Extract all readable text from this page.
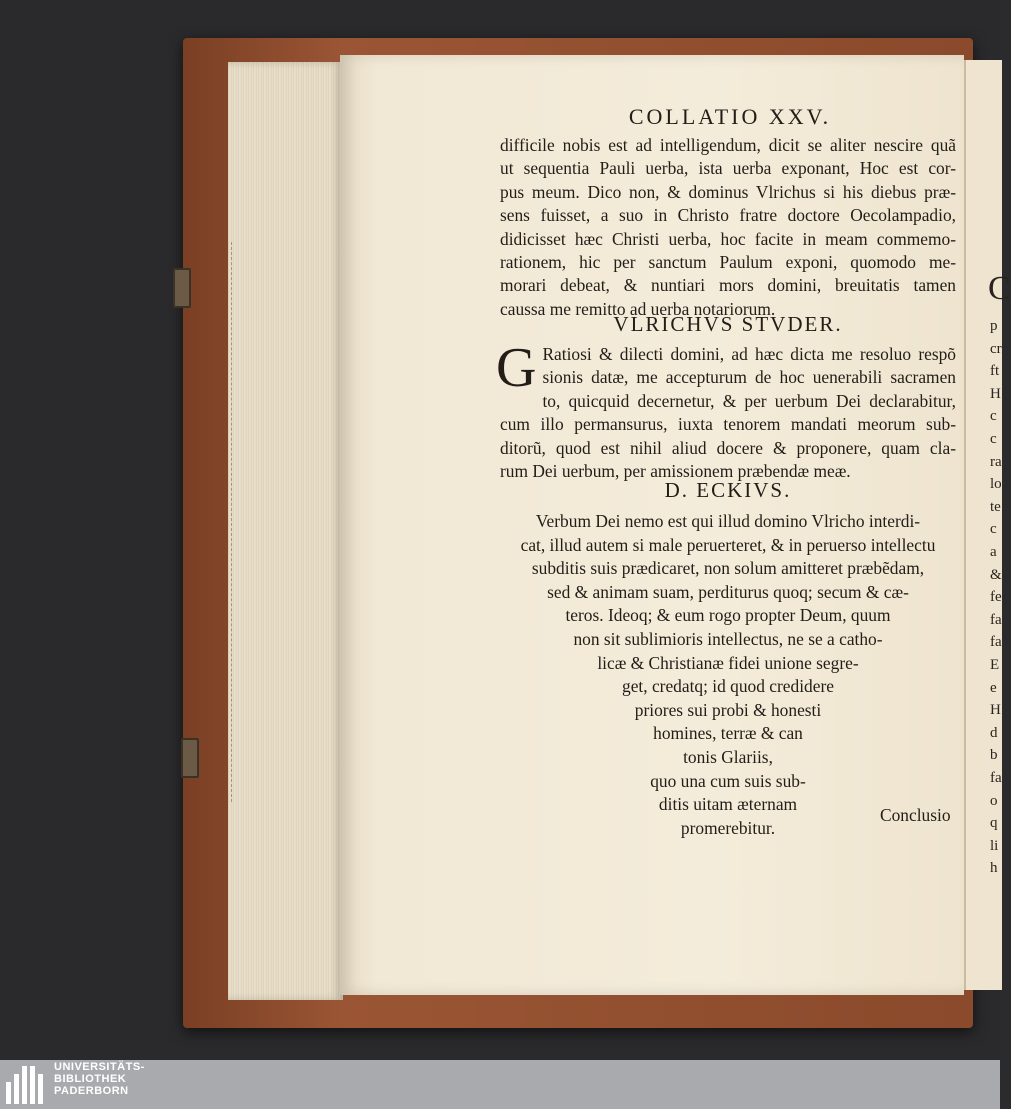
C
p
cr
ft
H
c
c
ra
lo
te
c
a
&
fe
fa
fa
E
e
H
d
b
fa
o
q
li
h
COLLATIO XXV.
difficile nobis est ad intelligendum, dicit se aliter nescire quã
ut sequentia Pauli uerba, ista uerba exponant, Hoc est cor-
pus meum. Dico non, & dominus Vlrichus si his diebus præ-
sens fuisset, a suo in Christo fratre doctore Oecolampadio,
didicisset hæc Christi uerba, hoc facite in meam commemo-
rationem, hic per sanctum Paulum exponi, quomodo me-
morari debeat, & nuntiari mors domini, breuitatis tamen
caussa me remitto ad uerba notariorum.
VLRICHVS STVDER.
G Ratiosi & dilecti domini, ad hæc dicta me resoluo respõ
sionis datæ, me accepturum de hoc uenerabili sacramen
to, quicquid decernetur, & per uerbum Dei declarabitur,
cum illo permansurus, iuxta tenorem mandati meorum sub-
ditorũ, quod est nihil aliud docere & proponere, quam cla-
rum Dei uerbum, per amissionem præbendæ meæ.
D. ECKIVS.
Verbum Dei nemo est qui illud domino Vlricho interdi-
cat, illud autem si male peruerteret, & in peruerso intellectu
subditis suis prædicaret, non solum amitteret præbẽdam,
sed & animam suam, perditurus quoq; secum & cæ-
teros. Ideoq; & eum rogo propter Deum, quum
non sit sublimioris intellectus, ne se a catho-
licæ & Christianæ fidei unione segre-
get, credatq; id quod credidere
priores sui probi & honesti
homines, terræ & can
tonis Glariis,
quo una cum suis sub-
ditis uitam æternam
promerebitur.
Conclusio
UNIVERSITÄTS-
BIBLIOTHEK
PADERBORN
